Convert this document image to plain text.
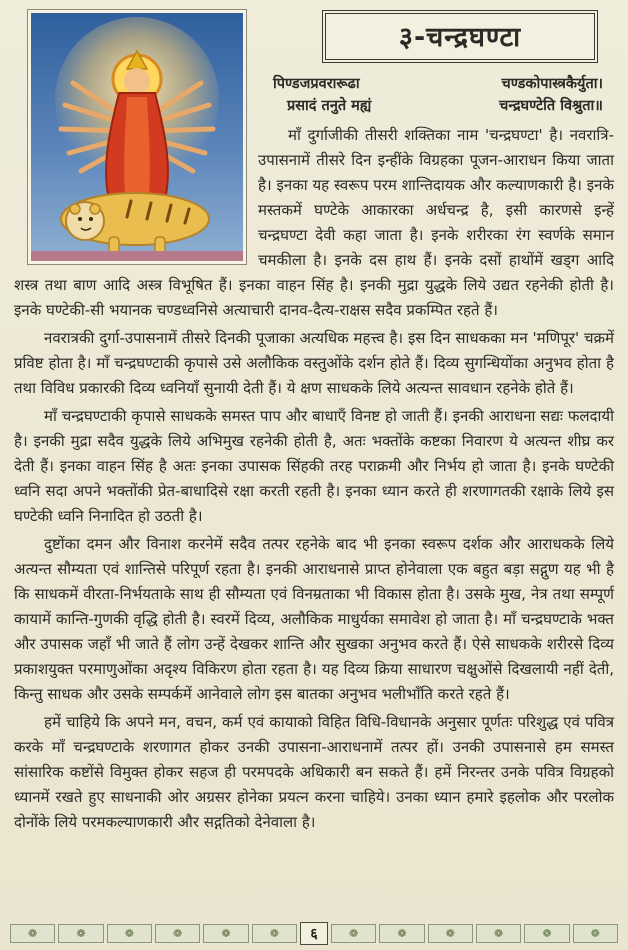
३-चन्द्रघण्टा
पिण्डजप्रवरारूढा	चण्डकोपास्त्रकैर्युता।
प्रसादं तनुते मह्यं	चन्द्रघण्टेति विश्रुता॥

माँ दुर्गाजीकी तीसरी शक्तिका नाम 'चन्द्रघण्टा' है। नवरात्रि-उपासनामें तीसरे दिन इन्हींके विग्रहका पूजन-आराधन किया जाता है। इनका यह स्वरूप परम शान्तिदायक और कल्याणकारी है। इनके मस्तकमें घण्टेके आकारका अर्धचन्द्र है, इसी कारणसे इन्हें चन्द्रघण्टा देवी कहा जाता है। इनके शरीरका रंग स्वर्णके समान चमकीला है। इनके दस हाथ हैं। इनके दसों हाथोंमें खड्ग आदि शस्त्र तथा बाण आदि अस्त्र विभूषित हैं। इनका वाहन सिंह है। इनकी मुद्रा युद्धके लिये उद्यत रहनेकी होती है। इनके घण्टेकी-सी भयानक चण्डध्वनिसे अत्याचारी दानव-दैत्य-राक्षस सदैव प्रकम्पित रहते हैं।

नवरात्रकी दुर्गा-उपासनामें तीसरे दिनकी पूजाका अत्यधिक महत्त्व है। इस दिन साधकका मन 'मणिपूर' चक्रमें प्रविष्ट होता है। माँ चन्द्रघण्टाकी कृपासे उसे अलौकिक वस्तुओंके दर्शन होते हैं। दिव्य सुगन्धियोंका अनुभव होता है तथा विविध प्रकारकी दिव्य ध्वनियाँ सुनायी देती हैं। ये क्षण साधकके लिये अत्यन्त सावधान रहनेके होते हैं।

माँ चन्द्रघण्टाकी कृपासे साधकके समस्त पाप और बाधाएँ विनष्ट हो जाती हैं। इनकी आराधना सद्यः फलदायी है। इनकी मुद्रा सदैव युद्धके लिये अभिमुख रहनेकी होती है, अतः भक्तोंके कष्टका निवारण ये अत्यन्त शीघ्र कर देती हैं। इनका वाहन सिंह है अतः इनका उपासक सिंहकी तरह पराक्रमी और निर्भय हो जाता है। इनके घण्टेकी ध्वनि सदा अपने भक्तोंकी प्रेत-बाधादिसे रक्षा करती रहती है। इनका ध्यान करते ही शरणागतकी रक्षाके लिये इस घण्टेकी ध्वनि निनादित हो उठती है।

दुष्टोंका दमन और विनाश करनेमें सदैव तत्पर रहनेके बाद भी इनका स्वरूप दर्शक और आराधकके लिये अत्यन्त सौम्यता एवं शान्तिसे परिपूर्ण रहता है। इनकी आराधनासे प्राप्त होनेवाला एक बहुत बड़ा सद्गुण यह भी है कि साधकमें वीरता-निर्भयताके साथ ही सौम्यता एवं विनम्रताका भी विकास होता है। उसके मुख, नेत्र तथा सम्पूर्ण कायामें कान्ति-गुणकी वृद्धि होती है। स्वरमें दिव्य, अलौकिक माधुर्यका समावेश हो जाता है। माँ चन्द्रघण्टाके भक्त और उपासक जहाँ भी जाते हैं लोग उन्हें देखकर शान्ति और सुखका अनुभव करते हैं। ऐसे साधकके शरीरसे दिव्य प्रकाशयुक्त परमाणुओंका अदृश्य विकिरण होता रहता है। यह दिव्य क्रिया साधारण चक्षुओंसे दिखलायी नहीं देती, किन्तु साधक और उसके सम्पर्कमें आनेवाले लोग इस बातका अनुभव भलीभाँति करते रहते हैं।

हमें चाहिये कि अपने मन, वचन, कर्म एवं कायाको विहित विधि-विधानके अनुसार पूर्णतः परिशुद्ध एवं पवित्र करके माँ चन्द्रघण्टाके शरणागत होकर उनकी उपासना-आराधनामें तत्पर हों। उनकी उपासनासे हम समस्त सांसारिक कष्टोंसे विमुक्त होकर सहज ही परमपदके अधिकारी बन सकते हैं। हमें निरन्तर उनके पवित्र विग्रहको ध्यानमें रखते हुए साधनाकी ओर अग्रसर होनेका प्रयत्न करना चाहिये। उनका ध्यान हमारे इहलोक और परलोक दोनोंके लिये परमकल्याणकारी और सद्गतिको देनेवाला है।

❁	❁	❁	❁	❁	❁	६	❁	❁	❁	❁	❁	❁
